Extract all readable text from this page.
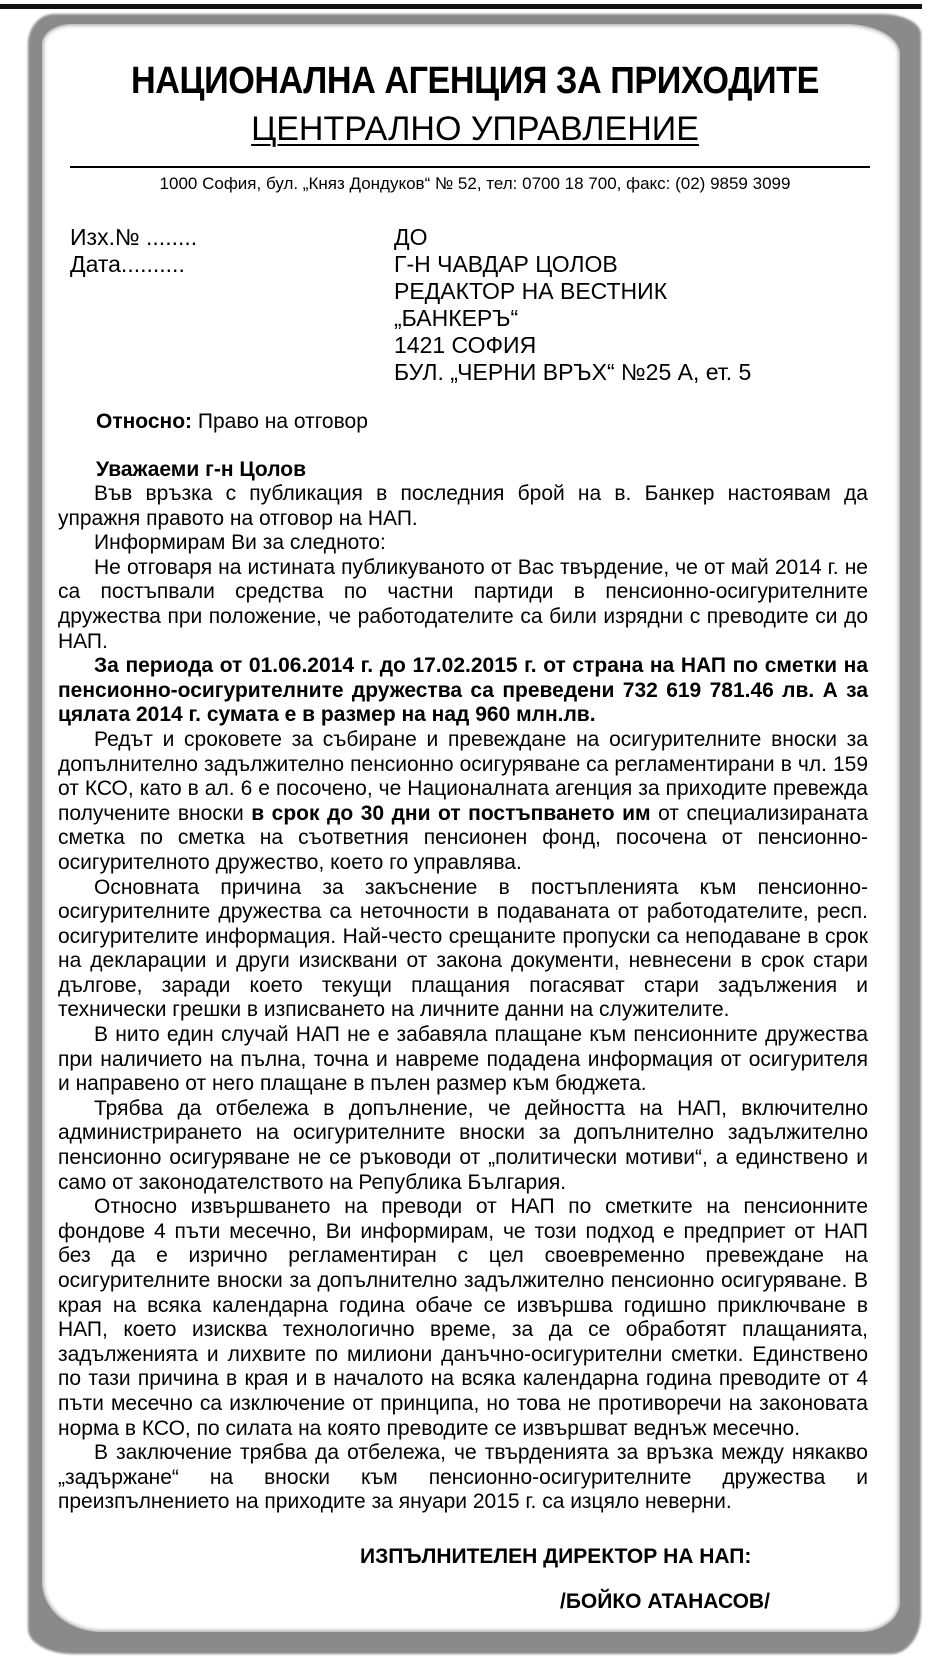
НАЦИОНАЛНА АГЕНЦИЯ ЗА ПРИХОДИТЕ
ЦЕНТРАЛНО УПРАВЛЕНИЕ
1000 София, бул. „Княз Дондуков“ № 52, тел: 0700 18 700, факс: (02) 9859 3099
Изх.№ ........
Дата..........
ДО
Г-Н ЧАВДАР ЦОЛОВ
РЕДАКТОР НА ВЕСТНИК
„БАНКЕРЪ“
1421 СОФИЯ
БУЛ. „ЧЕРНИ ВРЪХ“ №25 А, ет. 5
Относно: Право на отговор
Уважаеми г-н Цолов

Във връзка с публикация в последния брой на в. Банкер настоявам да упражня правото на отговор на НАП.

Информирам Ви за следното:

Не отговаря на истината публикуваното от Вас твърдение, че от май 2014 г. не са постъпвали средства по частни партиди в пенсионно-осигурителните дружества при положение, че работодателите са били изрядни с преводите си до НАП.

За периода от 01.06.2014 г. до 17.02.2015 г. от страна на НАП по сметки на пенсионно-осигурителните дружества са преведени 732 619 781.46 лв. А за цялата 2014 г. сумата е в размер на над 960 млн.лв.

Редът и сроковете за събиране и превеждане на осигурителните вноски за допълнително задължително пенсионно осигуряване са регламентирани в чл. 159 от КСО, като в ал. 6 е посочено, че Националната агенция за приходите превежда получените вноски в срок до 30 дни от постъпването им от специализираната сметка по сметка на съответния пенсионен фонд, посочена от пенсионно-осигурителното дружество, което го управлява.

Основната причина за закъснение в постъпленията към пенсионно-осигурителните дружества са неточности в подаваната от работодателите, респ. осигурителите информация. Най-често срещаните пропуски са неподаване в срок на декларации и други изисквани от закона документи, невнесени в срок стари дългове, заради което текущи плащания погасяват стари задължения и технически грешки в изписването на личните данни на служителите.

В нито един случай НАП не е забавяла плащане към пенсионните дружества при наличието на пълна, точна и навреме подадена информация от осигурителя и направено от него плащане в пълен размер към бюджета.

Трябва да отбележа в допълнение, че дейността на НАП, включително администрирането на осигурителните вноски за допълнително задължително пенсионно осигуряване не се ръководи от „политически мотиви“, а единствено и само от законодателството на Република България.

Относно извършването на преводи от НАП по сметките на пенсионните фондове 4 пъти месечно, Ви информирам, че този подход е предприет от НАП без да е изрично регламентиран с цел своевременно превеждане на осигурителните вноски за допълнително задължително пенсионно осигуряване. В края на всяка календарна година обаче се извършва годишно приключване в НАП, което изисква технологично време, за да се обработят плащанията, задълженията и лихвите по милиони данъчно-осигурителни сметки. Единствено по тази причина в края и в началото на всяка календарна година преводите от 4 пъти месечно са изключение от принципа, но това не противоречи на законовата норма в КСО, по силата на която преводите се извършват веднъж месечно.

В заключение трябва да отбележа, че твърденията за връзка между някакво „задържане“ на вноски към пенсионно-осигурителните дружества и преизпълнението на приходите за януари 2015 г. са изцяло неверни.

ИЗПЪЛНИТЕЛЕН ДИРЕКТОР НА НАП:
/БОЙКО АТАНАСОВ/
